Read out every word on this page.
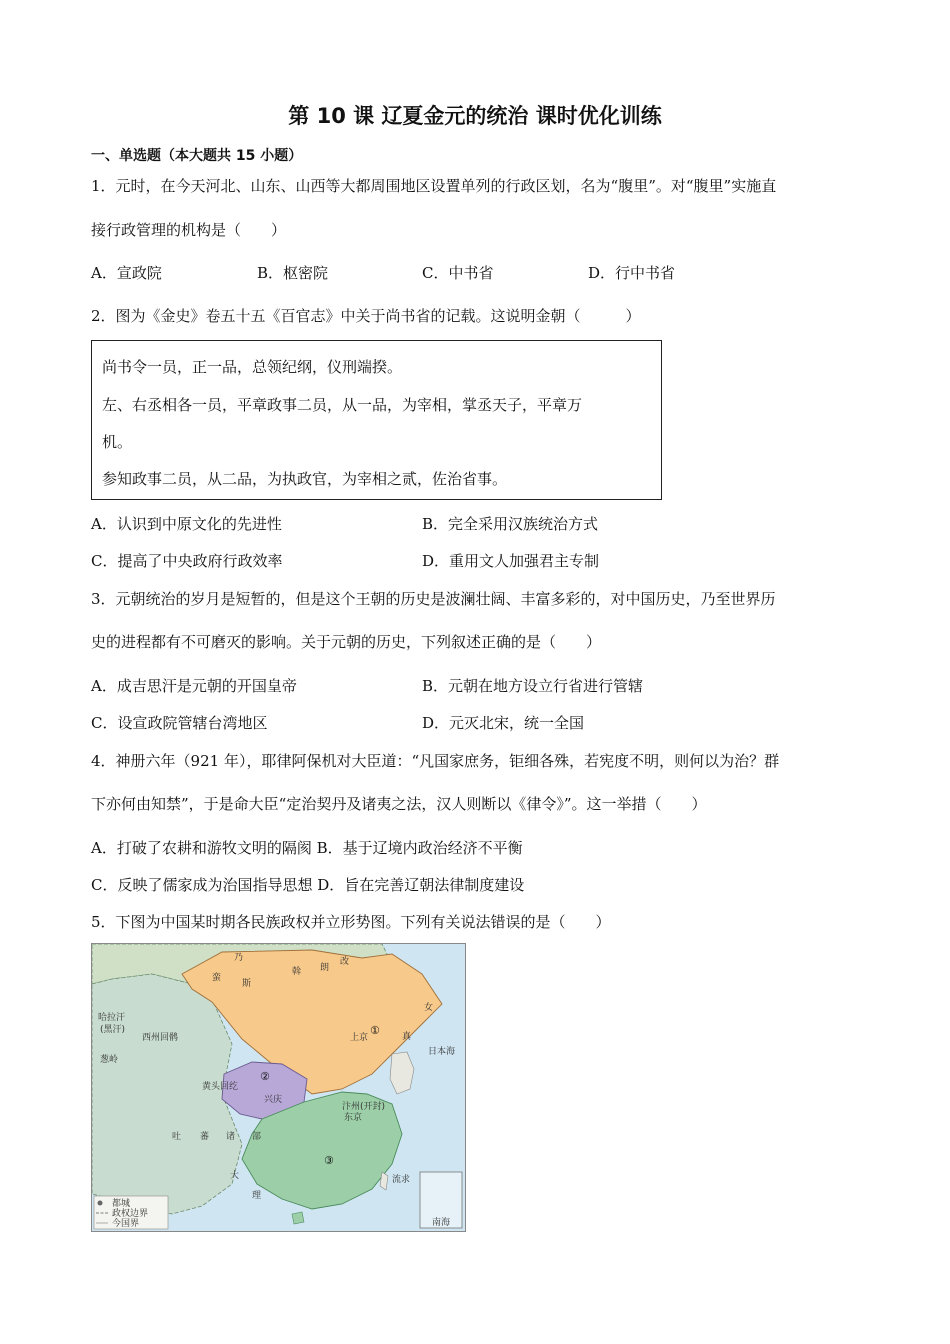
第 10 课 辽夏金元的统治 课时优化训练
一、单选题（本大题共 15 小题）
1．元时，在今天河北、山东、山西等大都周围地区设置单列的行政区划，名为“腹里”。对“腹里”实施直
接行政管理的机构是（　　）
A．宣政院	B．枢密院	C．中书省	D．行中书省
2．图为《金史》卷五十五《百官志》中关于尚书省的记载。这说明金朝（　　　）
尚书令一员，正一品，总领纪纲，仪刑端揆。
左、右丞相各一员，平章政事二员，从一品，为宰相，掌丞天子，平章万
机。
参知政事二员，从二品，为执政官，为宰相之贰，佐治省事。
A．认识到中原文化的先进性	B．完全采用汉族统治方式
C．提高了中央政府行政效率	D．重用文人加强君主专制
3．元朝统治的岁月是短暂的，但是这个王朝的历史是波澜壮阔、丰富多彩的，对中国历史，乃至世界历
史的进程都有不可磨灭的影响。关于元朝的历史，下列叙述正确的是（　　）
A．成吉思汗是元朝的开国皇帝	B．元朝在地方设立行省进行管辖
C．设宣政院管辖台湾地区	D．元灭北宋，统一全国
4．神册六年（921 年），耶律阿保机对大臣道：“凡国家庶务，钜细各殊，若宪度不明，则何以为治？群
下亦何由知禁”，于是命大臣“定治契丹及诸夷之法，汉人则断以《律令》”。这一举措（　　）
A．打破了农耕和游牧文明的隔阂 B．基于辽境内政治经济不平衡
C．反映了儒家成为治国指导思想 D．旨在完善辽朝法律制度建设
5．下图为中国某时期各民族政权并立形势图。下列有关说法错误的是（　　）
乃
蛮
斯
斡 朗
改
女
真
上京
哈拉汗
(黑汗)
葱岭
西州回鹘
黄头回纥
兴庆
东京
汴州(开封)
吐 蕃 诸 部
大
理
①
②
③
都城
政权边界
今国界	南海
日本海
流求
